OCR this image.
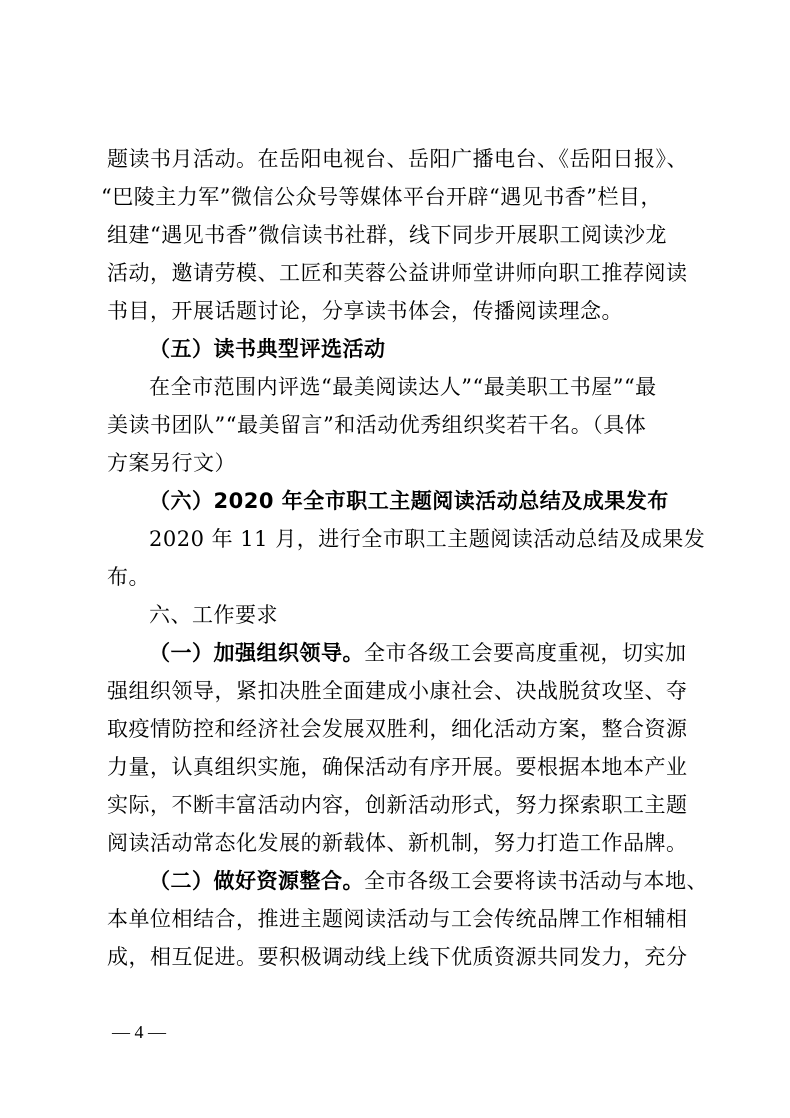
题读书月活动。在岳阳电视台、岳阳广播电台、《岳阳日报》、
“巴陵主力军”微信公众号等媒体平台开辟“遇见书香”栏目，
组建“遇见书香”微信读书社群，线下同步开展职工阅读沙龙
活动，邀请劳模、工匠和芙蓉公益讲师堂讲师向职工推荐阅读
书目，开展话题讨论，分享读书体会，传播阅读理念。
（五）读书典型评选活动
在全市范围内评选“最美阅读达人”“最美职工书屋”“最
美读书团队”“最美留言”和活动优秀组织奖若干名。（具体
方案另行文）
（六）2020 年全市职工主题阅读活动总结及成果发布
2020 年 11 月，进行全市职工主题阅读活动总结及成果发
布。
六、工作要求
（一）加强组织领导。全市各级工会要高度重视，切实加
强组织领导，紧扣决胜全面建成小康社会、决战脱贫攻坚、夺
取疫情防控和经济社会发展双胜利，细化活动方案，整合资源
力量，认真组织实施，确保活动有序开展。要根据本地本产业
实际，不断丰富活动内容，创新活动形式，努力探索职工主题
阅读活动常态化发展的新载体、新机制，努力打造工作品牌。
（二）做好资源整合。全市各级工会要将读书活动与本地、
本单位相结合，推进主题阅读活动与工会传统品牌工作相辅相
成，相互促进。要积极调动线上线下优质资源共同发力，充分
— 4 —
